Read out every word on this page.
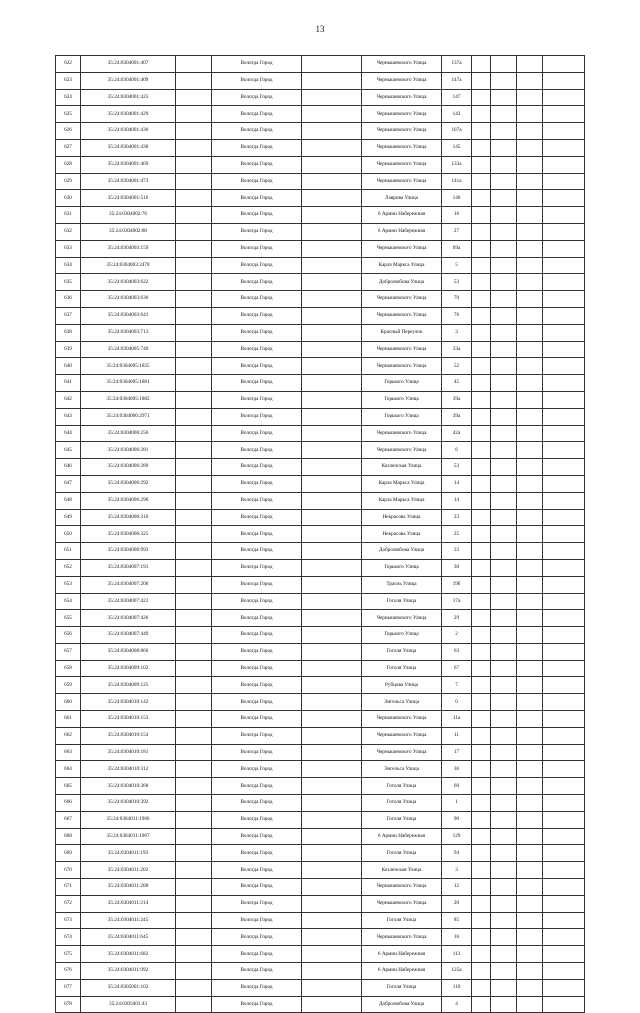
13
622	35:24:0304001:407		Вологда Город		Чернышевского Улица	137а				
623	35:24:0304001:409		Вологда Город		Чернышевского Улица	147а				
624	35:24:0304001:425		Вологда Город		Чернышевского Улица	147				
625	35:24:0304001:429		Вологда Город		Чернышевского Улица	143				
626	35:24:0304001:436		Вологда Город		Чернышевского Улица	107а				
627	35:24:0304001:438		Вологда Город		Чернышевского Улица	145				
628	35:24:0304001:469		Вологда Город		Чернышевского Улица	133а				
629	35:24:0304001:473		Вологда Город		Чернышевского Улица	141а				
630	35:24:0304001:516		Вологда Город		Лаврова Улица	146				
631	35:24:0304002:76		Вологда Город		6 Армии Набережная	16				
632	35:24:0304002:80		Вологда Город		6 Армии Набережная	27				
633	35:24:0304003:159		Вологда Город		Чернышевского Улица	69а				
634	35:24:0304003:2478		Вологда Город		Карла Маркса Улица	5				
635	35:24:0304003:622		Вологда Город		Добролюбова Улица	53				
636	35:24:0304003:636		Вологда Город		Чернышевского Улица	70				
637	35:24:0304003:641		Вологда Город		Чернышевского Улица	76				
638	35:24:0304003:713		Вологда Город		Красный Переулок	3				
639	35:24:0304005:740		Вологда Город		Чернышевского Улица	33а				
640	35:24:0304005:1835		Вологда Город		Чернышевского Улица	52				
641	35:24:0304005:1881		Вологда Город		Горького Улица	45				
642	35:24:0304005:1882		Вологда Город		Горького Улица	39а				
643	35:24:0304006:2971		Вологда Город		Горького Улица	39а				
644	35:24:0304006:256		Вологда Город		Чернышевского Улица	42а				
645	35:24:0304006:281		Вологда Город		Чернышевского Улица	6				
646	35:24:0304006:289		Вологда Город		Козленская Улица	53				
647	35:24:0304006:292		Вологда Город		Карла Маркса Улица	14				
648	35:24:0304006:296		Вологда Город		Карла Маркса Улица	14				
649	35:24:0304006:310		Вологда Город		Некрасова Улица	23				
650	35:24:0304006:325		Вологда Город		Некрасова Улица	25				
651	35:24:0304006:993		Вологда Город		Добролюбова Улица	33				
652	35:24:0304007:191		Вологда Город		Горького Улица	30				
653	35:24:0304007:200		Вологда Город		Траоль Улица	19б				
654	35:24:0304007:422		Вологда Город		Гоголя Улица	17а				
655	35:24:0304007:426		Вологда Город		Чернышевского Улица	29				
656	35:24:0304007:449		Вологда Город		Горького Улица	2				
657	35:24:0304008:866		Вологда Город		Гоголя Улица	63				
658	35:24:0304009:102		Вологда Город		Гоголя Улица	67				
659	35:24:0304009:125		Вологда Город		Рубцова Улица	7				
660	35:24:0304010:142		Вологда Город		Энгельса Улица	0				
661	35:24:0304010:153		Вологда Город		Чернышевского Улица	11а				
662	35:24:0304010:154		Вологда Город		Чернышевского Улица	11				
663	35:24:0304010:181		Вологда Город		Чернышевского Улица	17				
664	35:24:0304010:312		Вологда Город		Энгельса Улица	36				
665	35:24:0304010:368		Вологда Город		Гоголя Улица	60				
666	35:24:0304010:392		Вологда Город		Гоголя Улица	1				
667	35:24:0304011:1966		Вологда Город		Гоголя Улица	90				
668	35:24:0304011:1067		Вологда Город		6 Армии Набережная	129				
669	35:24:0304011:193		Вологда Город		Гоголя Улица	94				
670	35:24:0304011:202		Вологда Город		Козленская Улица	3				
671	35:24:0304011:208		Вологда Город		Чернышевского Улица	12				
672	35:24:0304011:214		Вологда Город		Чернышевского Улица	20				
673	35:24:0304011:245		Вологда Город		Гоголя Улица	85				
674	35:24:0304011:645		Вологда Город		Чернышевского Улица	16				
675	35:24:0304011:682		Вологда Город		6 Армии Набережная	113				
676	35:24:0304011:992		Вологда Город		6 Армии Набережная	125а				
677	35:24:0305001:102		Вологда Город		Гоголя Улица	110				
678	35:24:0305001:43		Вологда Город		Добролюбова Улица	4				
